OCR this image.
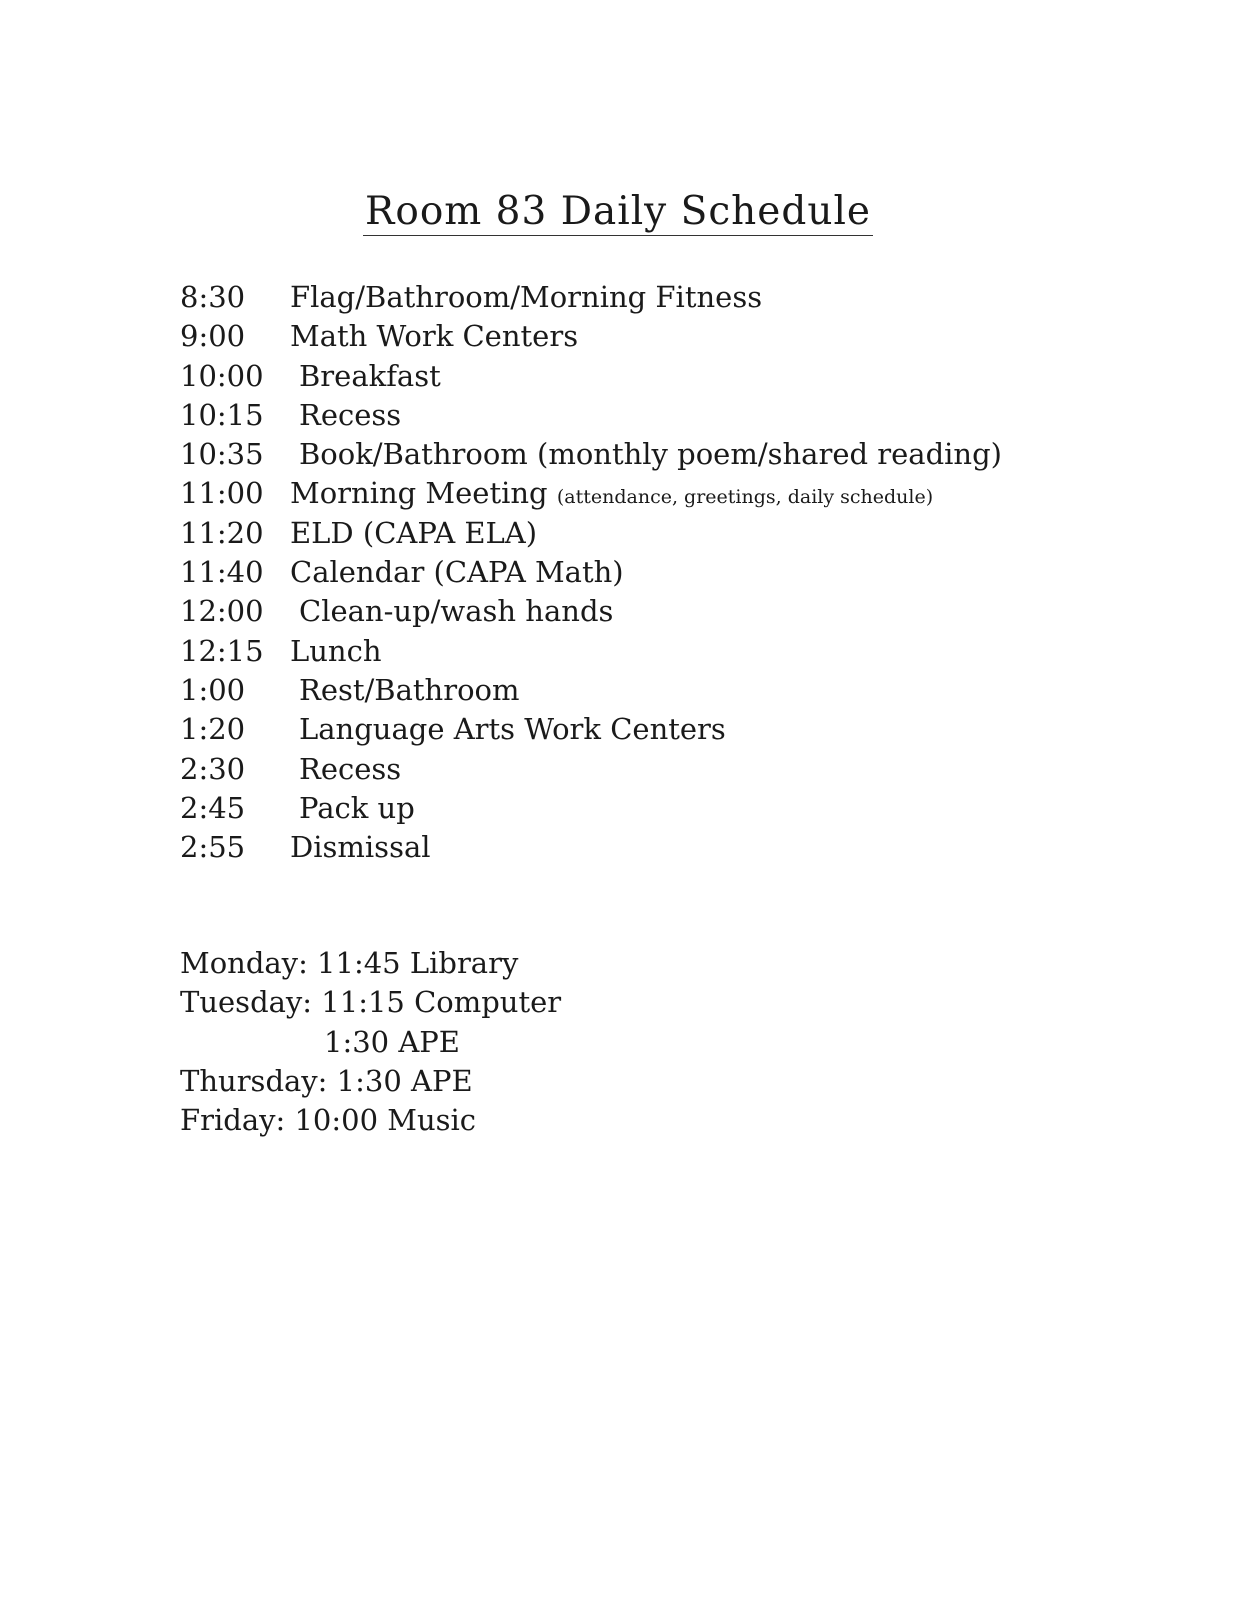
Room 83 Daily Schedule
8:30	Flag/Bathroom/Morning Fitness
9:00	Math Work Centers
10:00	Breakfast
10:15	Recess
10:35	Book/Bathroom (monthly poem/shared reading)
11:00 Morning Meeting (attendance, greetings, daily schedule)
11:20 ELD (CAPA ELA)
11:40 Calendar (CAPA Math)
12:00	Clean-up/wash hands
12:15 Lunch
1:00	Rest/Bathroom
1:20	Language Arts Work Centers
2:30	Recess
2:45	Pack up
2:55	Dismissal
Monday: 11:45 Library
Tuesday: 11:15 Computer
1:30 APE
Thursday: 1:30 APE
Friday: 10:00 Music
